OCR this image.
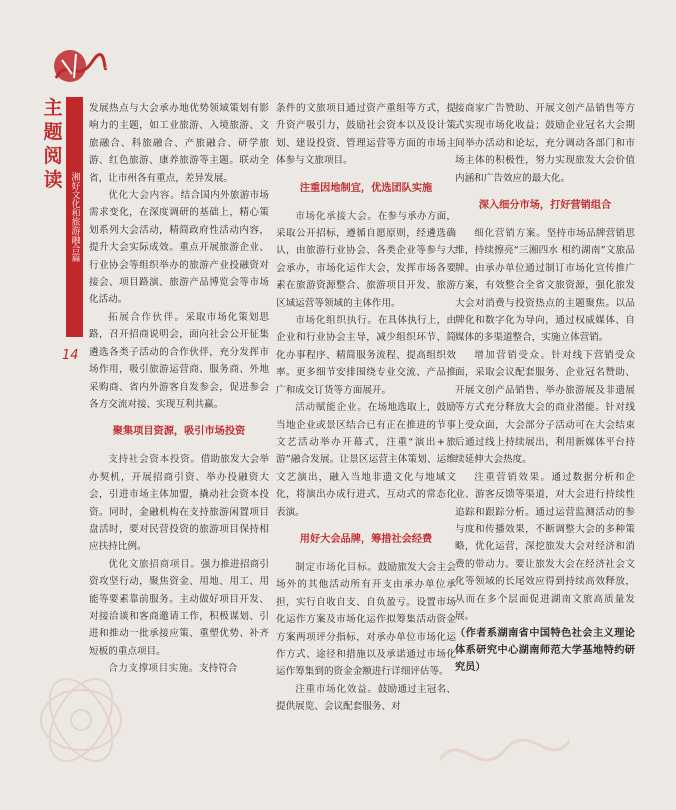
主
题
阅
读 湘好文化和旅游融合篇
14

发展热点与大会承办地优势领域策划有影响力的主题，如工业旅游、入境旅游、文旅融合、科旅融合、产旅融合、研学旅游、红色旅游、康养旅游等主题。联动全省，让市州各有重点，差异发展。

优化大会内容。结合国内外旅游市场需求变化，在深度调研的基础上，精心策划系列大会活动，精简政府性活动内容，提升大会实际成效。重点开展旅游企业、行业协会等组织举办的旅游产业投融资对接会、项目路演、旅游产品博览会等市场化活动。

拓展合作伙伴。采取市场化策划思路，召开招商说明会，面向社会公开征集遴选各类子活动的合作伙伴，充分发挥市场作用，吸引旅游运营商、服务商、外地采购商、省内外游客自发参会，促进参会各方交流对接、实现互利共赢。

聚集项目资源，吸引市场投资

支持社会资本投资。借助旅发大会举办契机，开展招商引资、举办投融资大会，引进市场主体加盟，撬动社会资本投资。同时，金融机构在支持旅游闲置项目盘活时，要对民营投资的旅游项目保持相应扶持比例。

优化文旅招商项目。强力推进招商引资攻坚行动，聚焦资金、用地、用工、用能等要素靠前服务。主动做好项目开发、对接洽谈和客商邀请工作，积极谋划、引进和推动一批承接应策、重塑优势、补齐短板的重点项目。

合力支撑项目实施。支持符合

条件的文旅项目通过资产重组等方式，提升资产吸引力，鼓励社会资本以及设计策划、建设投资、管理运营等方面的市场主体参与文旅项目。

注重因地制宜，优选团队实施

市场化承接大会。在参与承办方面，采取公开招标，遵循自愿原则，经遴选确认，由旅游行业协会、各类企业等参与大会承办，市场化运作大会，发挥市场各要素在旅游资源整合、旅游项目开发、旅游区域运营等领域的主体作用。

市场化组织执行。在具体执行上，由企业和行业协会主导，减少组织环节、简化办事程序、精简服务流程、提高组织效率。更多细节安排围绕专业交流、产品推广和成交订货等方面展开。

活动赋能企业。在场地选取上，鼓励当地企业或景区结合已有正在推进的节事文艺活动举办开幕式，注重“演出+旅游”融合发展。让景区运营主体策划、运维文艺演出，融入当地非遗文化与地域文化，将演出办成行进式、互动式的常态化表演。

用好大会品牌，筹措社会经费

制定市场化目标。鼓励旅发大会主会场外的其他活动所有开支由承办单位承担，实行自收自支、自负盈亏。设置市场化运作方案及市场化运作拟筹集活动资金方案两项评分指标，对承办单位市场化运作方式、途径和措施以及承诺通过市场化运作筹集到的资金金额进行详细评估等。

注重市场化效益。鼓励通过主冠名、提供展览、会议配套服务、对

接商家广告赞助、开展文创产品销售等方式实现市场化收益；鼓励企业冠名大会期间举办活动和论坛，充分调动各部门和市场主体的积极性，努力实现旅发大会价值内涵和广告效应的最大化。

深入细分市场，打好营销组合

细化营销方案。坚持市场品牌营销思维，持续擦亮“三湘四水 相约湖南”文旅品牌。由承办单位通过制订市场化宣传推广方案，有效整合全省文旅资源，强化旅发大会对消费与投资热点的主题聚焦。以品牌化和数字化为导向，通过权威媒体、自媒体的多渠道整合，实施立体营销。

增加营销受众。针对线下营销受众面，采取会议配套服务、企业冠名赞助、开展文创产品销售、举办旅游展及非遗展等方式充分释放大会的商业潜能。针对线上受众面，大会部分子活动可在大会结束后通过线上持续展出，利用新媒体平台持续延伸大会热度。

注重营销效果。通过数据分析和企业、游客反馈等渠道，对大会进行持续性追踪和跟踪分析。通过运营监测活动的参与度和传播效果，不断调整大会的多种策略，优化运营，深挖旅发大会对经济和消费的带动力。要让旅发大会在经济社会文化等领域的长尾效应得到持续高效释放，从而在多个层面促进湖南文旅高质量发展。

（作者系湖南省中国特色社会主义理论体系研究中心湖南师范大学基地特约研究员）
